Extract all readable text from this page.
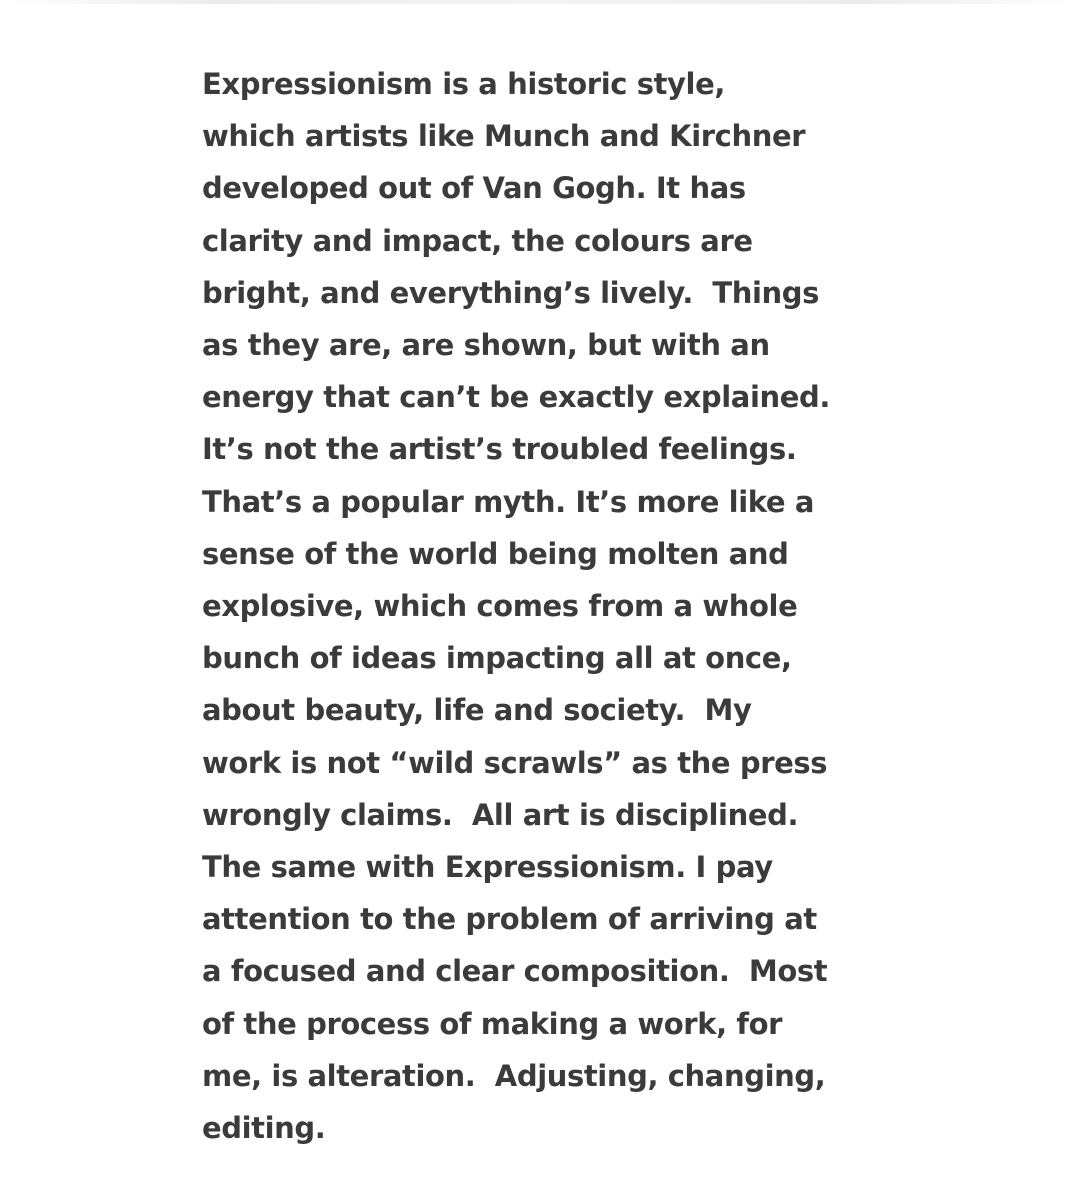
Expressionism is a historic style,
which artists like Munch and Kirchner
developed out of Van Gogh. It has
clarity and impact, the colours are
bright, and everything’s lively.  Things
as they are, are shown, but with an
energy that can’t be exactly explained.
It’s not the artist’s troubled feelings.
That’s a popular myth. It’s more like a
sense of the world being molten and
explosive, which comes from a whole
bunch of ideas impacting all at once,
about beauty, life and society.  My
work is not “wild scrawls” as the press
wrongly claims.  All art is disciplined.
The same with Expressionism. I pay
attention to the problem of arriving at
a focused and clear composition.  Most
of the process of making a work, for
me, is alteration.  Adjusting, changing,
editing.
